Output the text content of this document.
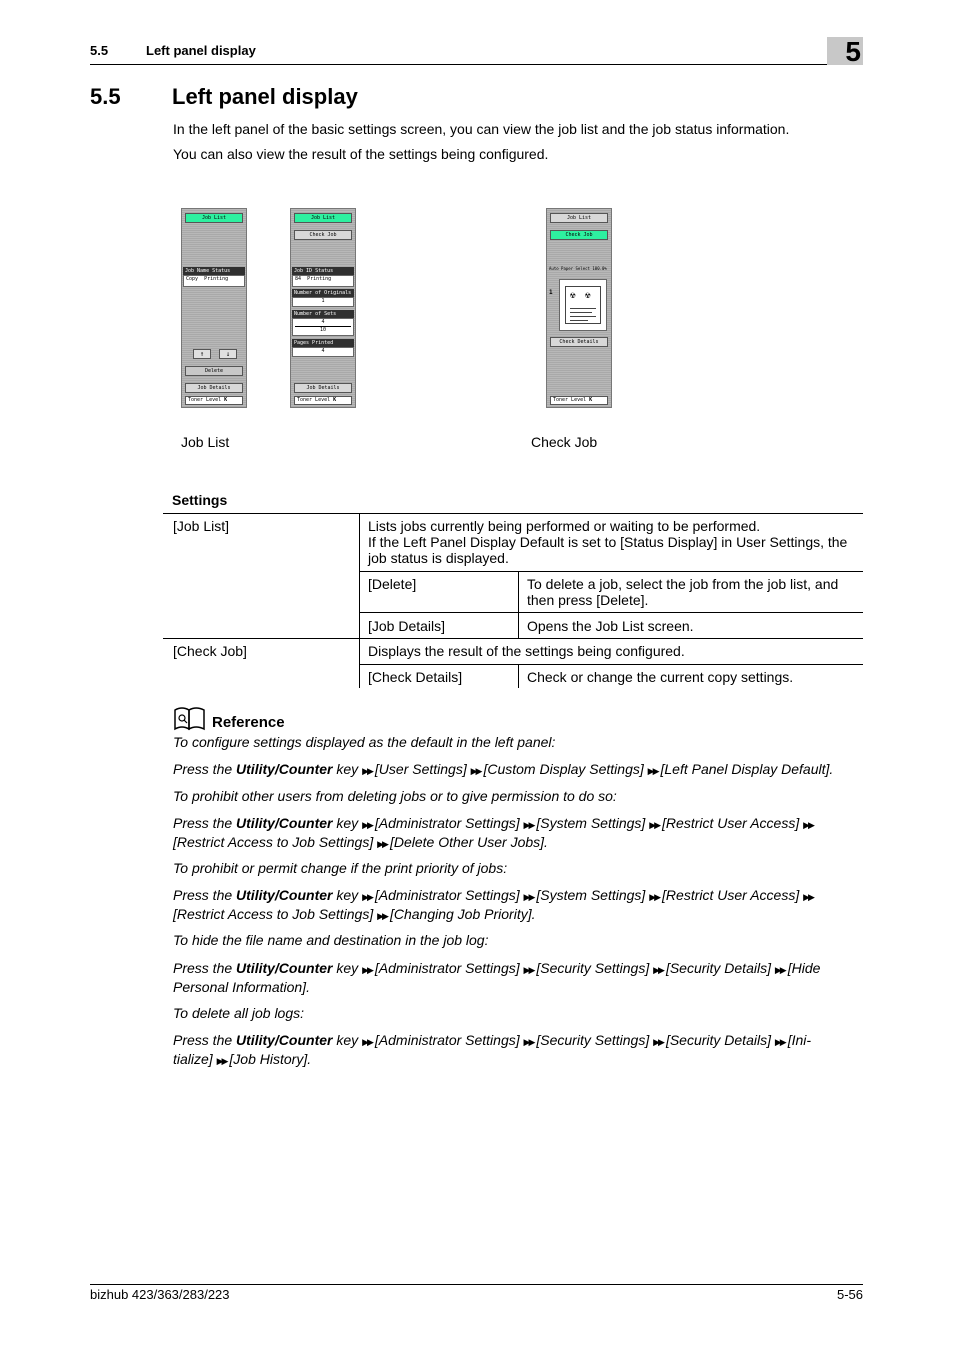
5.5	Left panel display	5
5.5 Left panel display
In the left panel of the basic settings screen, you can view the job list and the job status information.
You can also view the result of the settings being configured.
Job List
Job Name Status
Copy Printing
↑	↓
Delete
Job Details
Toner Level K
Job List
Check Job
Job ID Status
84 Printing
Number of Originals
1
Number of Sets
4
10
Pages Printed
4
Job Details
Toner Level K
Job List
Check Job
Auto Paper Select 100.0%
1 ☢ ☢
Check Details
Toner Level K
Job List	Check Job
Settings
[Job List]	Lists jobs currently being performed or waiting to be performed.
If the Left Panel Display Default is set to [Status Display] in User Settings, the
job status is displayed.
[Delete]	To delete a job, select the job from the job list, and
then press [Delete].
[Job Details]	Opens the Job List screen.
[Check Job]	Displays the result of the settings being configured.
[Check Details]	Check or change the current copy settings.
Reference
To configure settings displayed as the default in the left panel:
Press the Utility/Counter key ▶▶ [User Settings] ▶▶ [Custom Display Settings] ▶▶ [Left Panel Display Default].
To prohibit other users from deleting jobs or to give permission to do so:
Press the Utility/Counter key ▶▶ [Administrator Settings] ▶▶ [System Settings] ▶▶ [Restrict User Access] ▶▶
[Restrict Access to Job Settings] ▶▶ [Delete Other User Jobs].
To prohibit or permit change if the print priority of jobs:
Press the Utility/Counter key ▶▶ [Administrator Settings] ▶▶ [System Settings] ▶▶ [Restrict User Access] ▶▶
[Restrict Access to Job Settings] ▶▶ [Changing Job Priority].
To hide the file name and destination in the job log:
Press the Utility/Counter key ▶▶ [Administrator Settings] ▶▶ [Security Settings] ▶▶ [Security Details] ▶▶ [Hide
Personal Information].
To delete all job logs:
Press the Utility/Counter key ▶▶ [Administrator Settings] ▶▶ [Security Settings] ▶▶ [Security Details] ▶▶ [Ini-
tialize] ▶▶ [Job History].
bizhub 423/363/283/223	5-56
